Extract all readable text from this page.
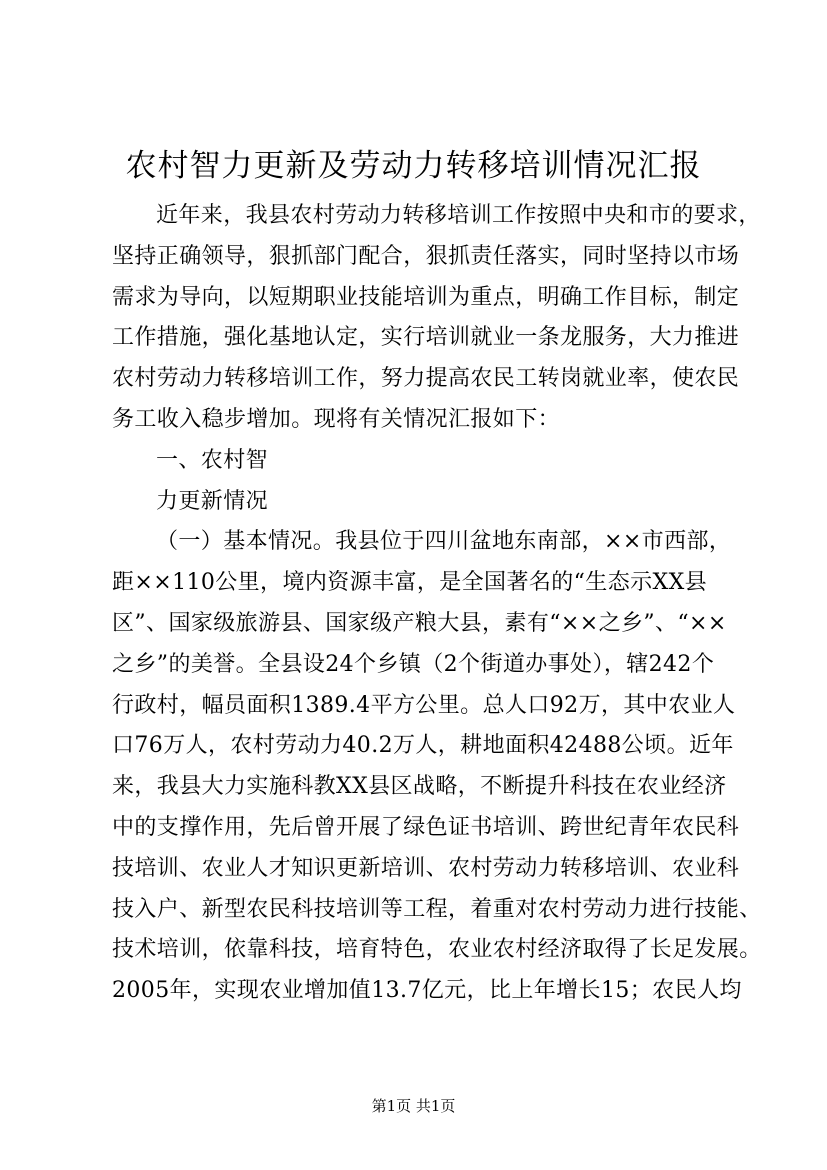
农村智力更新及劳动力转移培训情况汇报
近年来，我县农村劳动力转移培训工作按照中央和市的要求，
坚持正确领导，狠抓部门配合，狠抓责任落实，同时坚持以市场
需求为导向，以短期职业技能培训为重点，明确工作目标，制定
工作措施，强化基地认定，实行培训就业一条龙服务，大力推进
农村劳动力转移培训工作，努力提高农民工转岗就业率，使农民
务工收入稳步增加。现将有关情况汇报如下：
一、农村智
力更新情况
（一）基本情况。我县位于四川盆地东南部，××市西部，
距××110公里，境内资源丰富，是全国著名的“生态示XX县
区”、国家级旅游县、国家级产粮大县，素有“××之乡”、“××
之乡”的美誉。全县设24个乡镇（2个街道办事处），辖242个
行政村，幅员面积1389.4平方公里。总人口92万，其中农业人
口76万人，农村劳动力40.2万人，耕地面积42488公顷。近年
来，我县大力实施科教XX县区战略，不断提升科技在农业经济
中的支撑作用，先后曾开展了绿色证书培训、跨世纪青年农民科
技培训、农业人才知识更新培训、农村劳动力转移培训、农业科
技入户、新型农民科技培训等工程，着重对农村劳动力进行技能、
技术培训，依靠科技，培育特色，农业农村经济取得了长足发展。
2005年，实现农业增加值13.7亿元，比上年增长15；农民人均
第1页 共1页
